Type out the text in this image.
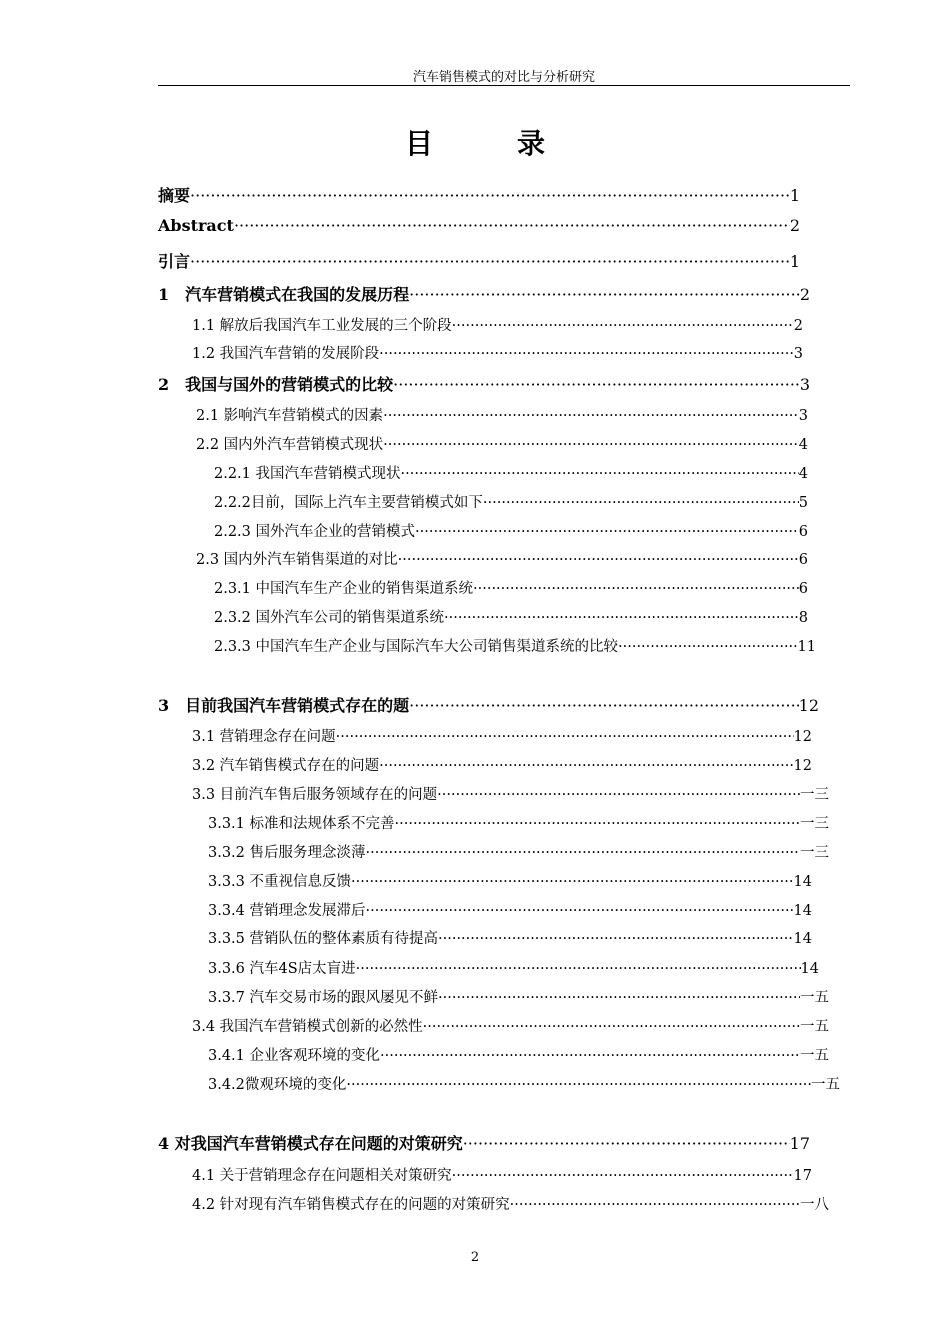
汽车销售模式的对比与分析研究
目	录
摘要 ·····	1
Abstract ·····	2
引言 ·····	1
1　汽车营销模式在我国的发展历程 ·····	2
1.1 解放后我国汽车工业发展的三个阶段 ·····	2
1.2 我国汽车营销的发展阶段 ·····	3
2　我国与国外的营销模式的比较 ·····	3
2.1 影响汽车营销模式的因素 ·····	3
2.2 国内外汽车营销模式现状 ·····	4
2.2.1 我国汽车营销模式现状 ·····	4
2.2.2目前，国际上汽车主要营销模式如下 ·····	5
2.2.3 国外汽车企业的营销模式 ·····	6
2.3 国内外汽车销售渠道的对比 ·····	6
2.3.1 中国汽车生产企业的销售渠道系统 ·····	6
2.3.2 国外汽车公司的销售渠道系统 ·····	8
2.3.3 中国汽车生产企业与国际汽车大公司销售渠道系统的比较 ·····	11
3　目前我国汽车营销模式存在的题 ·····	12
3.1 营销理念存在问题 ·····	12
3.2 汽车销售模式存在的问题 ·····	12
3.3 目前汽车售后服务领域存在的问题 ·····	一三
3.3.1 标准和法规体系不完善 ·····	一三
3.3.2 售后服务理念淡薄 ·····	一三
3.3.3 不重视信息反馈 ·····	14
3.3.4 营销理念发展滞后 ·····	14
3.3.5 营销队伍的整体素质有待提高 ·····	14
3.3.6 汽车4S店太盲进 ·····	14
3.3.7 汽车交易市场的跟风屡见不鲜 ·····	一五
3.4 我国汽车营销模式创新的必然性 ·····	一五
3.4.1 企业客观环境的变化 ·····	一五
3.4.2微观环境的变化 ·····	一五
4 对我国汽车营销模式存在问题的对策研究 ·····	17
4.1 关于营销理念存在问题相关对策研究 ·····	17
4.2 针对现有汽车销售模式存在的问题的对策研究 ·····	一八
2
